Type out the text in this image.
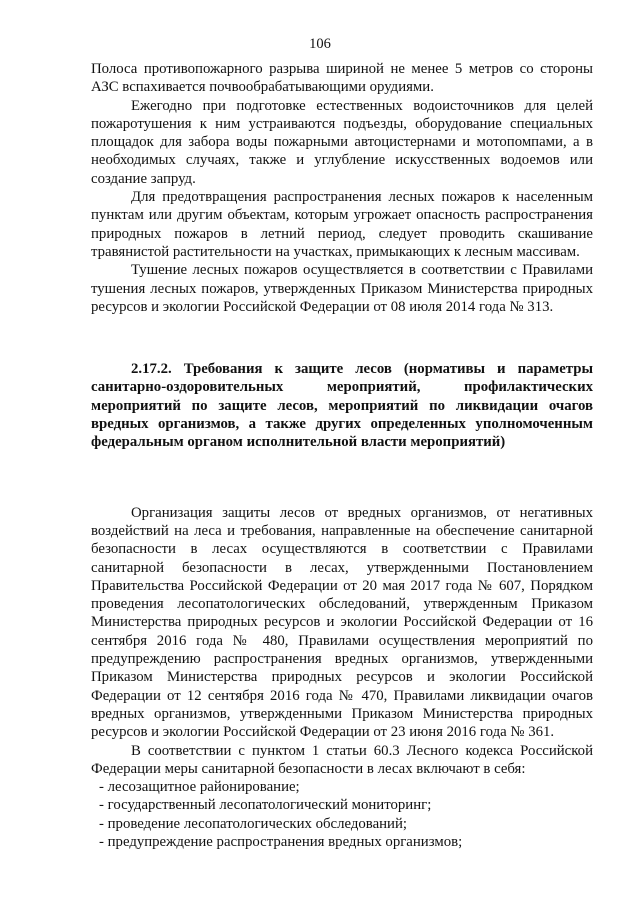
106

Полоса противопожарного разрыва шириной не менее 5 метров со стороны АЗС вспахивается почвообрабатывающими орудиями.

Ежегодно при подготовке естественных водоисточников для целей пожаротушения к ним устраиваются подъезды, оборудование специальных площадок для забора воды пожарными автоцистернами и мотопомпами, а в необходимых случаях, также и углубление искусственных водоемов или создание запруд.

Для предотвращения распространения лесных пожаров к населенным пунктам или другим объектам, которым угрожает опасность распространения природных пожаров в летний период, следует проводить скашивание травянистой растительности на участках, примыкающих к лесным массивам.

Тушение лесных пожаров осуществляется в соответствии с Правилами тушения лесных пожаров, утвержденных Приказом Министерства природных ресурсов и экологии Российской Федерации от 08 июля 2014 года № 313.

2.17.2. Требования к защите лесов (нормативы и параметры санитарно-оздоровительных мероприятий, профилактических мероприятий по защите лесов, мероприятий по ликвидации очагов вредных организмов, а также других определенных уполномоченным федеральным органом исполнительной власти мероприятий)

Организация защиты лесов от вредных организмов, от негативных воздействий на леса и требования, направленные на обеспечение санитарной безопасности в лесах осуществляются в соответствии с Правилами санитарной безопасности в лесах, утвержденными Постановлением Правительства Российской Федерации от 20 мая 2017 года № 607, Порядком проведения лесопатологических обследований, утвержденным Приказом Министерства природных ресурсов и экологии Российской Федерации от 16 сентября 2016 года № 480, Правилами осуществления мероприятий по предупреждению распространения вредных организмов, утвержденными Приказом Министерства природных ресурсов и экологии Российской Федерации от 12 сентября 2016 года № 470, Правилами ликвидации очагов вредных организмов, утвержденными Приказом Министерства природных ресурсов и экологии Российской Федерации от 23 июня 2016 года № 361.

В соответствии с пунктом 1 статьи 60.3 Лесного кодекса Российской Федерации меры санитарной безопасности в лесах включают в себя:

- лесозащитное районирование;
- государственный лесопатологический мониторинг;
- проведение лесопатологических обследований;
- предупреждение распространения вредных организмов;
